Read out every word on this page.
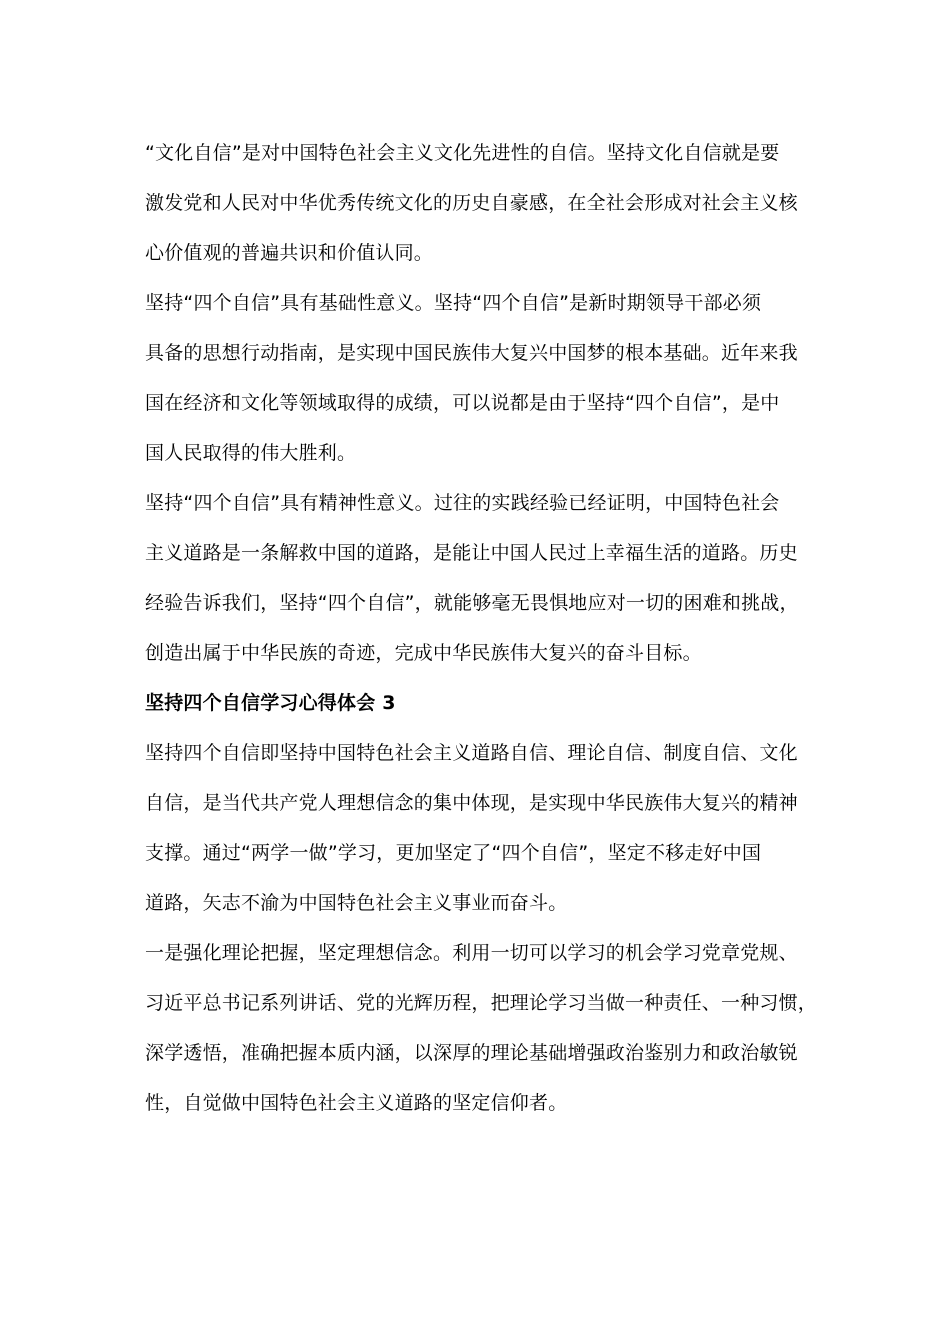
“文化自信”是对中国特色社会主义文化先进性的自信。坚持文化自信就是要
激发党和人民对中华优秀传统文化的历史自豪感，在全社会形成对社会主义核
心价值观的普遍共识和价值认同。
坚持“四个自信”具有基础性意义。坚持“四个自信”是新时期领导干部必须
具备的思想行动指南，是实现中国民族伟大复兴中国梦的根本基础。近年来我
国在经济和文化等领域取得的成绩，可以说都是由于坚持“四个自信”，是中
国人民取得的伟大胜利。
坚持“四个自信”具有精神性意义。过往的实践经验已经证明，中国特色社会
主义道路是一条解救中国的道路，是能让中国人民过上幸福生活的道路。历史
经验告诉我们，坚持“四个自信”，就能够毫无畏惧地应对一切的困难和挑战，
创造出属于中华民族的奇迹，完成中华民族伟大复兴的奋斗目标。
坚持四个自信学习心得体会 3
坚持四个自信即坚持中国特色社会主义道路自信、理论自信、制度自信、文化
自信，是当代共产党人理想信念的集中体现，是实现中华民族伟大复兴的精神
支撑。通过“两学一做”学习，更加坚定了“四个自信”，坚定不移走好中国
道路，矢志不渝为中国特色社会主义事业而奋斗。
一是强化理论把握，坚定理想信念。利用一切可以学习的机会学习党章党规、
习近平总书记系列讲话、党的光辉历程，把理论学习当做一种责任、一种习惯，
深学透悟，准确把握本质内涵，以深厚的理论基础增强政治鉴别力和政治敏锐
性，自觉做中国特色社会主义道路的坚定信仰者。
